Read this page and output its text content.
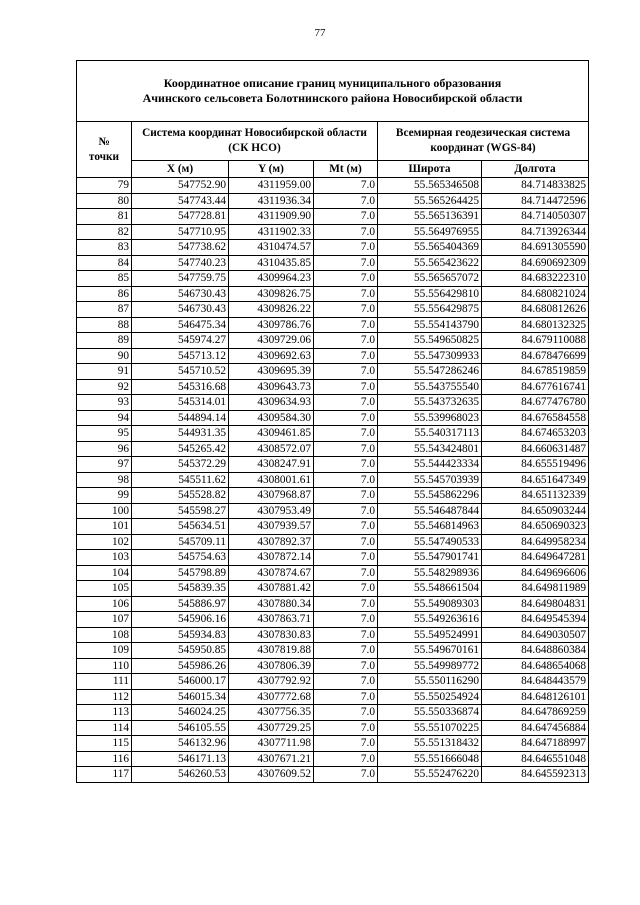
77
Координатное описание границ муниципального образования
Ачинского сельсовета Болотнинского района Новосибирской области					

№
точки	Система координат Новосибирской области (СК НСО)			Всемирная геодезическая система координат (WGS-84)	
	X (м)	Y (м)	Mt (м)	Широта	Долгота
79	547752.90	4311959.00	7.0	55.565346508	84.714833825
80	547743.44	4311936.34	7.0	55.565264425	84.714472596
81	547728.81	4311909.90	7.0	55.565136391	84.714050307
82	547710.95	4311902.33	7.0	55.564976955	84.713926344
83	547738.62	4310474.57	7.0	55.565404369	84.691305590
84	547740.23	4310435.85	7.0	55.565423622	84.690692309
85	547759.75	4309964.23	7.0	55.565657072	84.683222310
86	546730.43	4309826.75	7.0	55.556429810	84.680821024
87	546730.43	4309826.22	7.0	55.556429875	84.680812626
88	546475.34	4309786.76	7.0	55.554143790	84.680132325
89	545974.27	4309729.06	7.0	55.549650825	84.679110088
90	545713.12	4309692.63	7.0	55.547309933	84.678476699
91	545710.52	4309695.39	7.0	55.547286246	84.678519859
92	545316.68	4309643.73	7.0	55.543755540	84.677616741
93	545314.01	4309634.93	7.0	55.543732635	84.677476780
94	544894.14	4309584.30	7.0	55.539968023	84.676584558
95	544931.35	4309461.85	7.0	55.540317113	84.674653203
96	545265.42	4308572.07	7.0	55.543424801	84.660631487
97	545372.29	4308247.91	7.0	55.544423334	84.655519496
98	545511.62	4308001.61	7.0	55.545703939	84.651647349
99	545528.82	4307968.87	7.0	55.545862296	84.651132339
100	545598.27	4307953.49	7.0	55.546487844	84.650903244
101	545634.51	4307939.57	7.0	55.546814963	84.650690323
102	545709.11	4307892.37	7.0	55.547490533	84.649958234
103	545754.63	4307872.14	7.0	55.547901741	84.649647281
104	545798.89	4307874.67	7.0	55.548298936	84.649696606
105	545839.35	4307881.42	7.0	55.548661504	84.649811989
106	545886.97	4307880.34	7.0	55.549089303	84.649804831
107	545906.16	4307863.71	7.0	55.549263616	84.649545394
108	545934.83	4307830.83	7.0	55.549524991	84.649030507
109	545950.85	4307819.88	7.0	55.549670161	84.648860384
110	545986.26	4307806.39	7.0	55.549989772	84.648654068
111	546000.17	4307792.92	7.0	55.550116290	84.648443579
112	546015.34	4307772.68	7.0	55.550254924	84.648126101
113	546024.25	4307756.35	7.0	55.550336874	84.647869259
114	546105.55	4307729.25	7.0	55.551070225	84.647456884
115	546132.96	4307711.98	7.0	55.551318432	84.647188997
116	546171.13	4307671.21	7.0	55.551666048	84.646551048
117	546260.53	4307609.52	7.0	55.552476220	84.645592313
